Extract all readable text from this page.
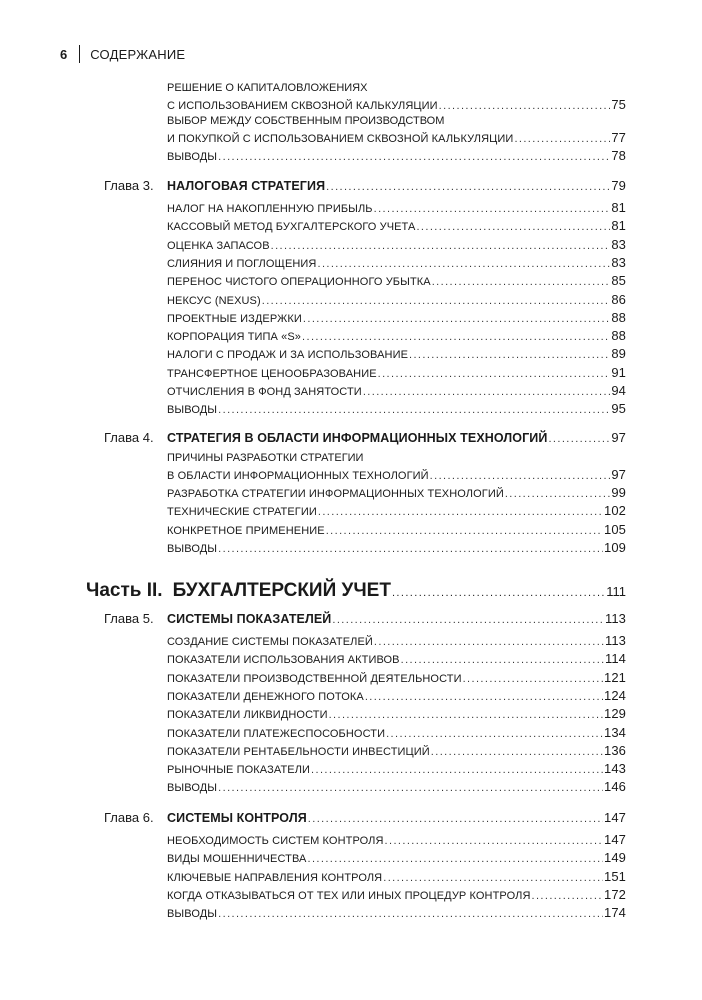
6 СОДЕРЖАНИЕ
РЕШЕНИЕ О КАПИТАЛОВЛОЖЕНИЯХ
С ИСПОЛЬЗОВАНИЕМ СКВОЗНОЙ КАЛЬКУЛЯЦИИ .....	75
ВЫБОР МЕЖДУ СОБСТВЕННЫМ ПРОИЗВОДСТВОМ
И ПОКУПКОЙ С ИСПОЛЬЗОВАНИЕМ СКВОЗНОЙ КАЛЬКУЛЯЦИИ .....	77
ВЫВОДЫ .....	78
Глава 3. НАЛОГОВАЯ СТРАТЕГИЯ .....	79
НАЛОГ НА НАКОПЛЕННУЮ ПРИБЫЛЬ .....	81
КАССОВЫЙ МЕТОД БУХГАЛТЕРСКОГО УЧЕТА .....	81
ОЦЕНКА ЗАПАСОВ .....	83
СЛИЯНИЯ И ПОГЛОЩЕНИЯ .....	83
ПЕРЕНОС ЧИСТОГО ОПЕРАЦИОННОГО УБЫТКА .....	85
НЕКСУС (NEXUS) .....	86
ПРОЕКТНЫЕ ИЗДЕРЖКИ .....	88
КОРПОРАЦИЯ ТИПА «S» .....	88
НАЛОГИ С ПРОДАЖ И ЗА ИСПОЛЬЗОВАНИЕ .....	89
ТРАНСФЕРТНОЕ ЦЕНООБРАЗОВАНИЕ .....	91
ОТЧИСЛЕНИЯ В ФОНД ЗАНЯТОСТИ .....	94
ВЫВОДЫ .....	95
Глава 4. СТРАТЕГИЯ В ОБЛАСТИ ИНФОРМАЦИОННЫХ ТЕХНОЛОГИЙ .....	97
ПРИЧИНЫ РАЗРАБОТКИ СТРАТЕГИИ
В ОБЛАСТИ ИНФОРМАЦИОННЫХ ТЕХНОЛОГИЙ .....	97
РАЗРАБОТКА СТРАТЕГИИ ИНФОРМАЦИОННЫХ ТЕХНОЛОГИЙ .....	99
ТЕХНИЧЕСКИЕ СТРАТЕГИИ .....	102
КОНКРЕТНОЕ ПРИМЕНЕНИЕ .....	105
ВЫВОДЫ .....	109
Часть II. БУХГАЛТЕРСКИЙ УЧЕТ .....	111
Глава 5. СИСТЕМЫ ПОКАЗАТЕЛЕЙ .....	113
СОЗДАНИЕ СИСТЕМЫ ПОКАЗАТЕЛЕЙ .....	113
ПОКАЗАТЕЛИ ИСПОЛЬЗОВАНИЯ АКТИВОВ .....	114
ПОКАЗАТЕЛИ ПРОИЗВОДСТВЕННОЙ ДЕЯТЕЛЬНОСТИ .....	121
ПОКАЗАТЕЛИ ДЕНЕЖНОГО ПОТОКА .....	124
ПОКАЗАТЕЛИ ЛИКВИДНОСТИ .....	129
ПОКАЗАТЕЛИ ПЛАТЕЖЕСПОСОБНОСТИ .....	134
ПОКАЗАТЕЛИ РЕНТАБЕЛЬНОСТИ ИНВЕСТИЦИЙ .....	136
РЫНОЧНЫЕ ПОКАЗАТЕЛИ .....	143
ВЫВОДЫ .....	146
Глава 6. СИСТЕМЫ КОНТРОЛЯ .....	147
НЕОБХОДИМОСТЬ СИСТЕМ КОНТРОЛЯ .....	147
ВИДЫ МОШЕННИЧЕСТВА .....	149
КЛЮЧЕВЫЕ НАПРАВЛЕНИЯ КОНТРОЛЯ .....	151
КОГДА ОТКАЗЫВАТЬСЯ ОТ ТЕХ ИЛИ ИНЫХ ПРОЦЕДУР КОНТРОЛЯ .....	172
ВЫВОДЫ .....	174
